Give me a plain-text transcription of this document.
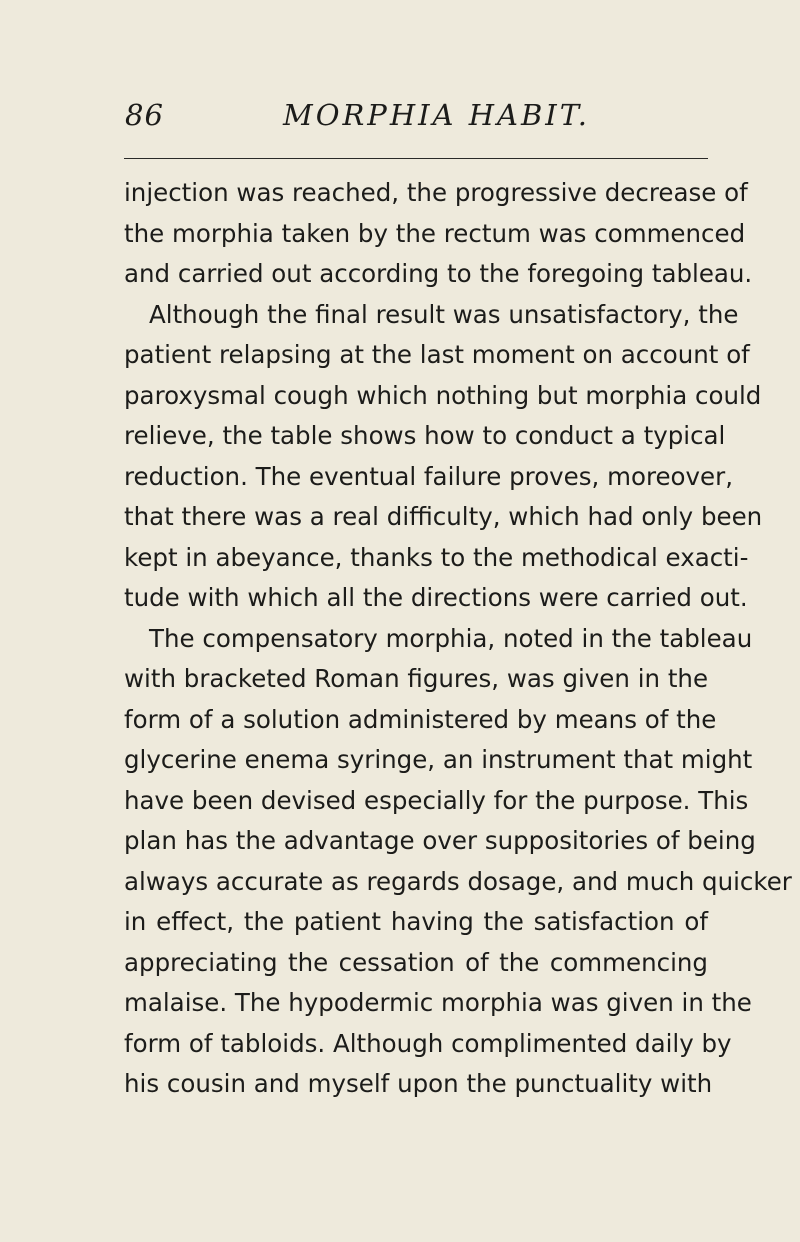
86	MORPHIA HABIT.
injection was reached, the progressive decrease of
the morphia taken by the rectum was commenced
and carried out according to the foregoing tableau.
Although the final result was unsatisfactory, the
patient relapsing at the last moment on account of
paroxysmal cough which nothing but morphia could
relieve, the table shows how to conduct a typical
reduction. The eventual failure proves, moreover,
that there was a real difficulty, which had only been
kept in abeyance, thanks to the methodical exacti-
tude with which all the directions were carried out.
The compensatory morphia, noted in the tableau
with bracketed Roman figures, was given in the
form of a solution administered by means of the
glycerine enema syringe, an instrument that might
have been devised especially for the purpose. This
plan has the advantage over suppositories of being
always accurate as regards dosage, and much quicker
in effect, the patient having the satisfaction of
appreciating the cessation of the commencing
malaise. The hypodermic morphia was given in the
form of tabloids. Although complimented daily by
his cousin and myself upon the punctuality with
